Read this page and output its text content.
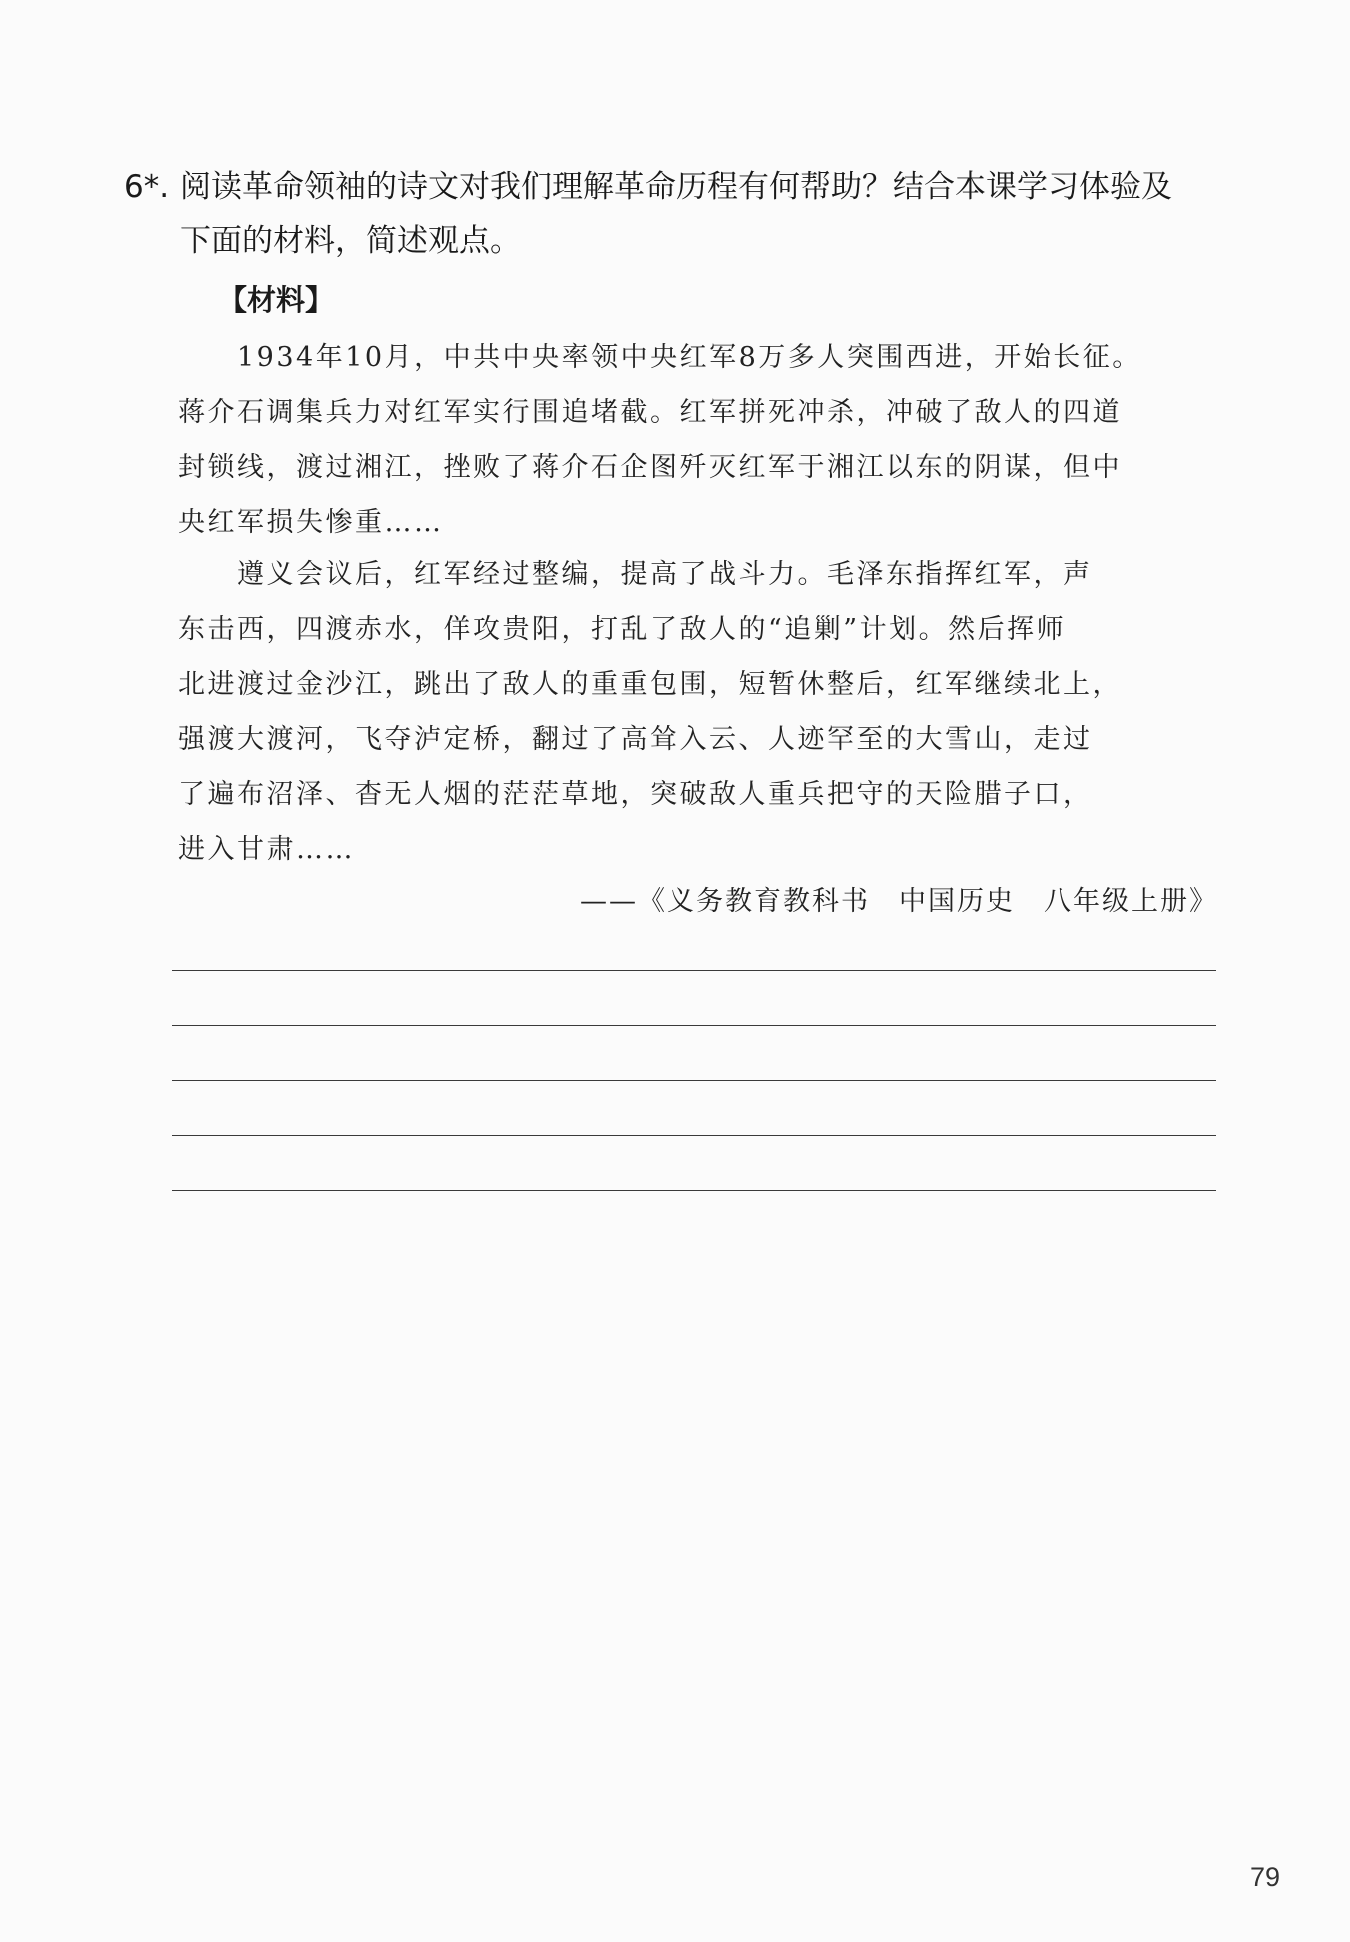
6*. 阅读革命领袖的诗文对我们理解革命历程有何帮助？结合本课学习体验及
下面的材料，简述观点。
【材料】
　　1934年10月，中共中央率领中央红军8万多人突围西进，开始长征。
蒋介石调集兵力对红军实行围追堵截。红军拼死冲杀，冲破了敌人的四道
封锁线，渡过湘江，挫败了蒋介石企图歼灭红军于湘江以东的阴谋，但中
央红军损失惨重……
　　遵义会议后，红军经过整编，提高了战斗力。毛泽东指挥红军，声
东击西，四渡赤水，佯攻贵阳，打乱了敌人的“追剿”计划。然后挥师
北进渡过金沙江，跳出了敌人的重重包围，短暂休整后，红军继续北上，
强渡大渡河，飞夺泸定桥，翻过了高耸入云、人迹罕至的大雪山，走过
了遍布沼泽、杳无人烟的茫茫草地，突破敌人重兵把守的天险腊子口，
进入甘肃……
——《义务教育教科书　中国历史　八年级上册》
79
